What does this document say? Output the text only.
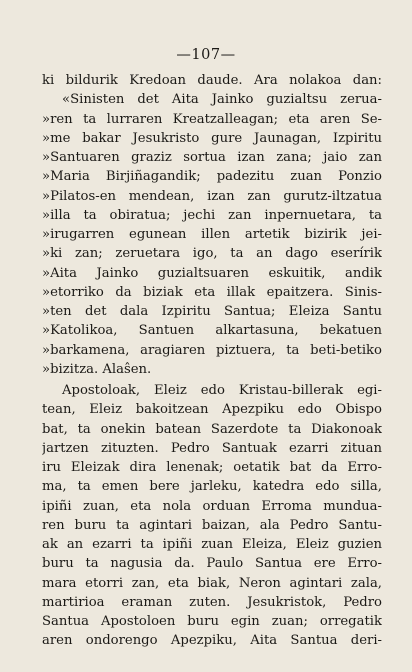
—107—
ki bildurik Kredoan daude. Ara nolakoa dan:
«Sinisten det Aita Jainko guzialtsu zerua-
»ren ta lurraren Kreatzalleagan; eta aren Se-
»me bakar Jesukristo gure Jaunagan, Izpiritu
»Santuaren graziz sortua izan zana; jaio zan
»Maria Birjiñagandik; padezitu zuan Ponzio
»Pilatos-en mendean, izan zan gurutz-iltzatua
»illa ta obiratua; jechi zan inpernuetara, ta
»irugarren egunean illen artetik bizirik jei-
»ki zan; zeruetara igo, ta an dago eserírik
»Aita Jainko guzialtsuaren eskuitik, andik
»etorriko da biziak eta illak epaitzera. Sinis-
»ten det dala Izpiritu Santua; Eleiza Santu
»Katolikoa, Santuen alkartasuna, bekatuen
»barkamena, aragiaren piztuera, ta beti-betiko
»bizitza. Alaŝen.
Apostoloak, Eleiz edo Kristau-billerak egi-
tean, Eleiz bakoitzean Apezpiku edo Obispo
bat, ta onekin batean Sazerdote ta Diakonoak
jartzen zituzten. Pedro Santuak ezarri zituan
iru Eleizak dira lenenak; oetatik bat da Erro-
ma, ta emen bere jarleku, katedra edo silla,
ipiñi zuan, eta nola orduan Erroma mundua-
ren buru ta agintari baizan, ala Pedro Santu-
ak an ezarri ta ipiñi zuan Eleiza, Eleiz guzien
buru ta nagusia da. Paulo Santua ere Erro-
mara etorri zan, eta biak, Neron agintari zala,
martirioa eraman zuten. Jesukristok, Pedro
Santua Apostoloen buru egin zuan; orregatik
aren ondorengo Apezpiku, Aita Santua deri-
